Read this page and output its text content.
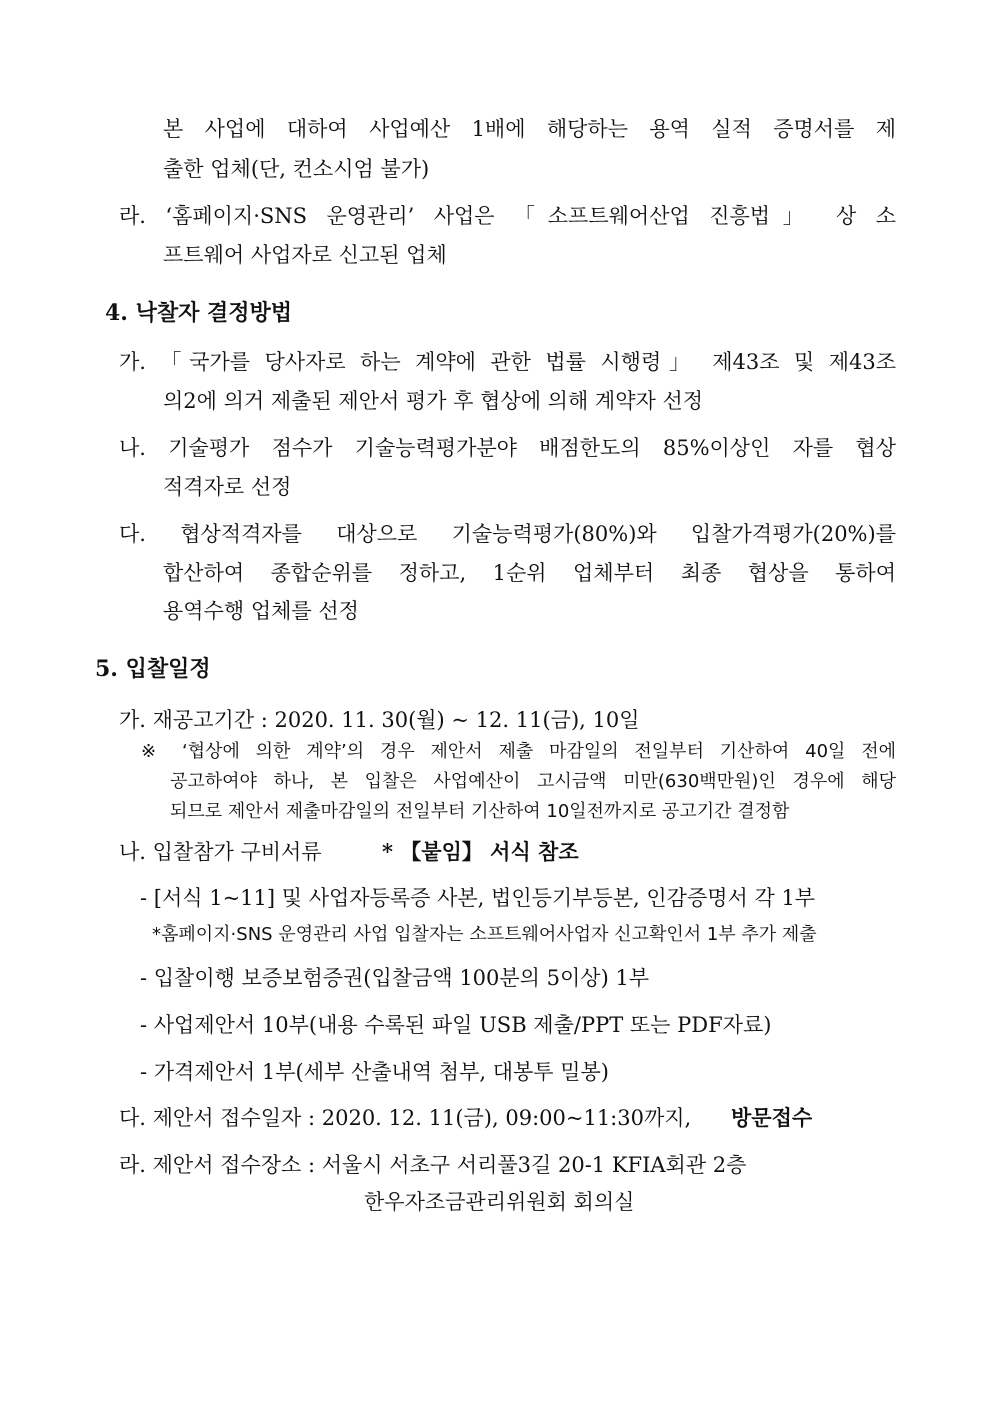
본 사업에 대하여 사업예산 1배에 해당하는 용역 실적 증명서를 제
출한 업체(단, 컨소시엄 불가)
라. ‘홈페이지·SNS 운영관리’ 사업은 「소프트웨어산업 진흥법」 상 소
프트웨어 사업자로 신고된 업체
4. 낙찰자 결정방법
가. 「국가를 당사자로 하는 계약에 관한 법률 시행령」 제43조 및 제43조
의2에 의거 제출된 제안서 평가 후 협상에 의해 계약자 선정
나. 기술평가 점수가 기술능력평가분야 배점한도의 85%이상인 자를 협상
적격자로 선정
다. 협상적격자를 대상으로 기술능력평가(80%)와 입찰가격평가(20%)를
합산하여 종합순위를 정하고, 1순위 업체부터 최종 협상을 통하여
용역수행 업체를 선정
5. 입찰일정
가. 재공고기간 : 2020. 11. 30(월) ~ 12. 11(금), 10일
※ ‘협상에 의한 계약’의 경우 제안서 제출 마감일의 전일부터 기산하여 40일 전에
공고하여야 하나, 본 입찰은 사업예산이 고시금액 미만(630백만원)인 경우에 해당
되므로 제안서 제출마감일의 전일부터 기산하여 10일전까지로 공고기간 결정함
나. 입찰참가 구비서류	* 【붙임】 서식 참조
- [서식 1~11] 및 사업자등록증 사본, 법인등기부등본, 인감증명서 각 1부
*홈페이지·SNS 운영관리 사업 입찰자는 소프트웨어사업자 신고확인서 1부 추가 제출
- 입찰이행 보증보험증권(입찰금액 100분의 5이상) 1부
- 사업제안서 10부(내용 수록된 파일 USB 제출/PPT 또는 PDF자료)
- 가격제안서 1부(세부 산출내역 첨부, 대봉투 밀봉)
다. 제안서 접수일자 : 2020. 12. 11(금), 09:00~11:30까지, 방문접수
라. 제안서 접수장소 : 서울시 서초구 서리풀3길 20-1 KFIA회관 2층
한우자조금관리위원회 회의실
